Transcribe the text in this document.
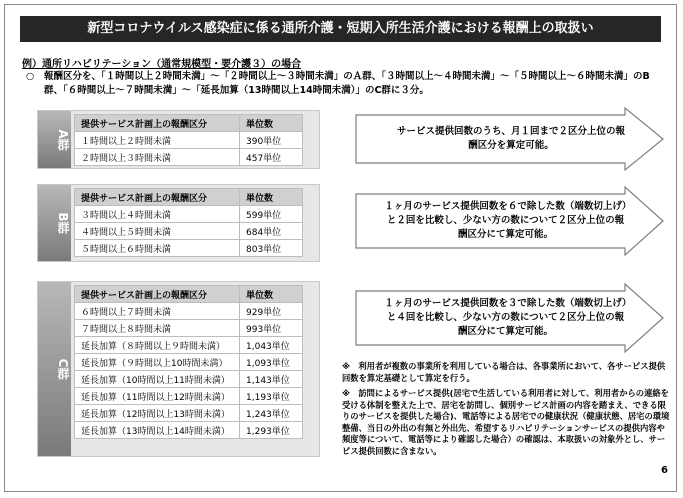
新型コロナウイルス感染症に係る通所介護・短期入所生活介護における報酬上の取扱い
例）通所リハビリテーション（通常規模型・要介護３）の場合
○ 報酬区分を、「１時間以上２時間未満」～「２時間以上～３時間未満」のＡ群、「３時間以上～４時間未満」～「５時間以上～６時間未満」のB群、「６時間以上～７時間未満」～「延長加算（13時間以上14時間未満）」のC群に３分。
A群
提供サービス計画上の報酬区分	単位数
１時間以上２時間未満	390単位
２時間以上３時間未満	457単位
B群
提供サービス計画上の報酬区分	単位数
３時間以上４時間未満	599単位
４時間以上５時間未満	684単位
５時間以上６時間未満	803単位
C群
提供サービス計画上の報酬区分	単位数
６時間以上７時間未満	929単位
７時間以上８時間未満	993単位
延長加算（８時間以上９時間未満）	1,043単位
延長加算（９時間以上10時間未満）	1,093単位
延長加算（10時間以上11時間未満）	1,143単位
延長加算（11時間以上12時間未満）	1,193単位
延長加算（12時間以上13時間未満）	1,243単位
延長加算（13時間以上14時間未満）	1,293単位
サービス提供回数のうち、月１回まで２区分上位の報酬区分を算定可能。
１ヶ月のサービス提供回数を６で除した数（端数切上げ）と２回を比較し、少ない方の数について２区分上位の報酬区分にて算定可能。
１ヶ月のサービス提供回数を３で除した数（端数切上げ）と４回を比較し、少ない方の数について２区分上位の報酬区分にて算定可能。

※　利用者が複数の事業所を利用している場合は、各事業所において、各サービス提供回数を算定基礎として算定を行う。

※　訪問によるサービス提供(居宅で生活している利用者に対して、利用者からの連絡を受ける体制を整えた上で、居宅を訪問し、個別サービス計画の内容を踏まえ、できる限りのサービスを提供した場合)、電話等による居宅での健康状況（健康状態、居宅の環境整備、当日の外出の有無と外出先、希望するリハビリテーションサービスの提供内容や頻度等について、電話等により確認した場合）の確認は、本取扱いの対象外とし、サービス提供回数に含まない。

6
